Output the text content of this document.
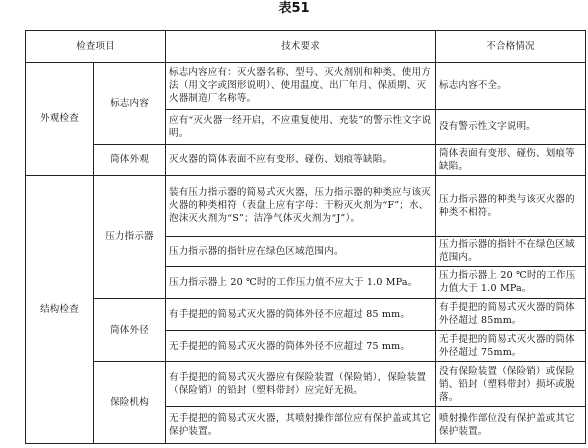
表51
检查项目		技术要求	不合格情况
外观检查	标志内容	标志内容应有：灭火器名称、型号、灭火剂别和种类、使用方法（用文字或图形说明）、使用温度、出厂年月、保质期、灭火器制造厂名称等。	标志内容不全。
		应有“灭火器一经开启，不应重复使用、充装”的警示性文字说明。	没有警示性文字说明。
	筒体外观	灭火器的筒体表面不应有变形、碰伤、划痕等缺陷。	筒体表面有变形、碰伤、划痕等缺陷。
结构检查	压力指示器	装有压力指示器的简易式灭火器，压力指示器的种类应与该灭火器的种类相符（表盘上应有字母：干粉灭火剂为“F”；水、泡沫灭火剂为“S”；洁净气体灭火剂为“J”）。	压力指示器的种类与该灭火器的种类不相符。
		压力指示器的指针应在绿色区域范围内。	压力指示器的指针不在绿色区域范围内。
		压力指示器上 20 ℃时的工作压力值不应大于 1.0 MPa。	压力指示器上 20 ℃时的工作压力值大于 1.0 MPa。
	筒体外径	有手提把的简易式灭火器的筒体外径不应超过 85 mm。	有手提把的简易式灭火器的筒体外径超过 85mm。
		无手提把的简易式灭火器的筒体外径不应超过 75 mm。	无手提把的简易式灭火器的筒体外径超过 75mm。
	保险机构	有手提把的简易式灭火器应有保险装置（保险销），保险装置（保险销）的铅封（塑料带封）应完好无损。	没有保险装置（保险销）或保险销、铅封（塑料带封）损坏或脱落。
		无手提把的简易式灭火器，其喷射操作部位应有保护盖或其它保护装置。	喷射操作部位没有保护盖或其它保护装置。
